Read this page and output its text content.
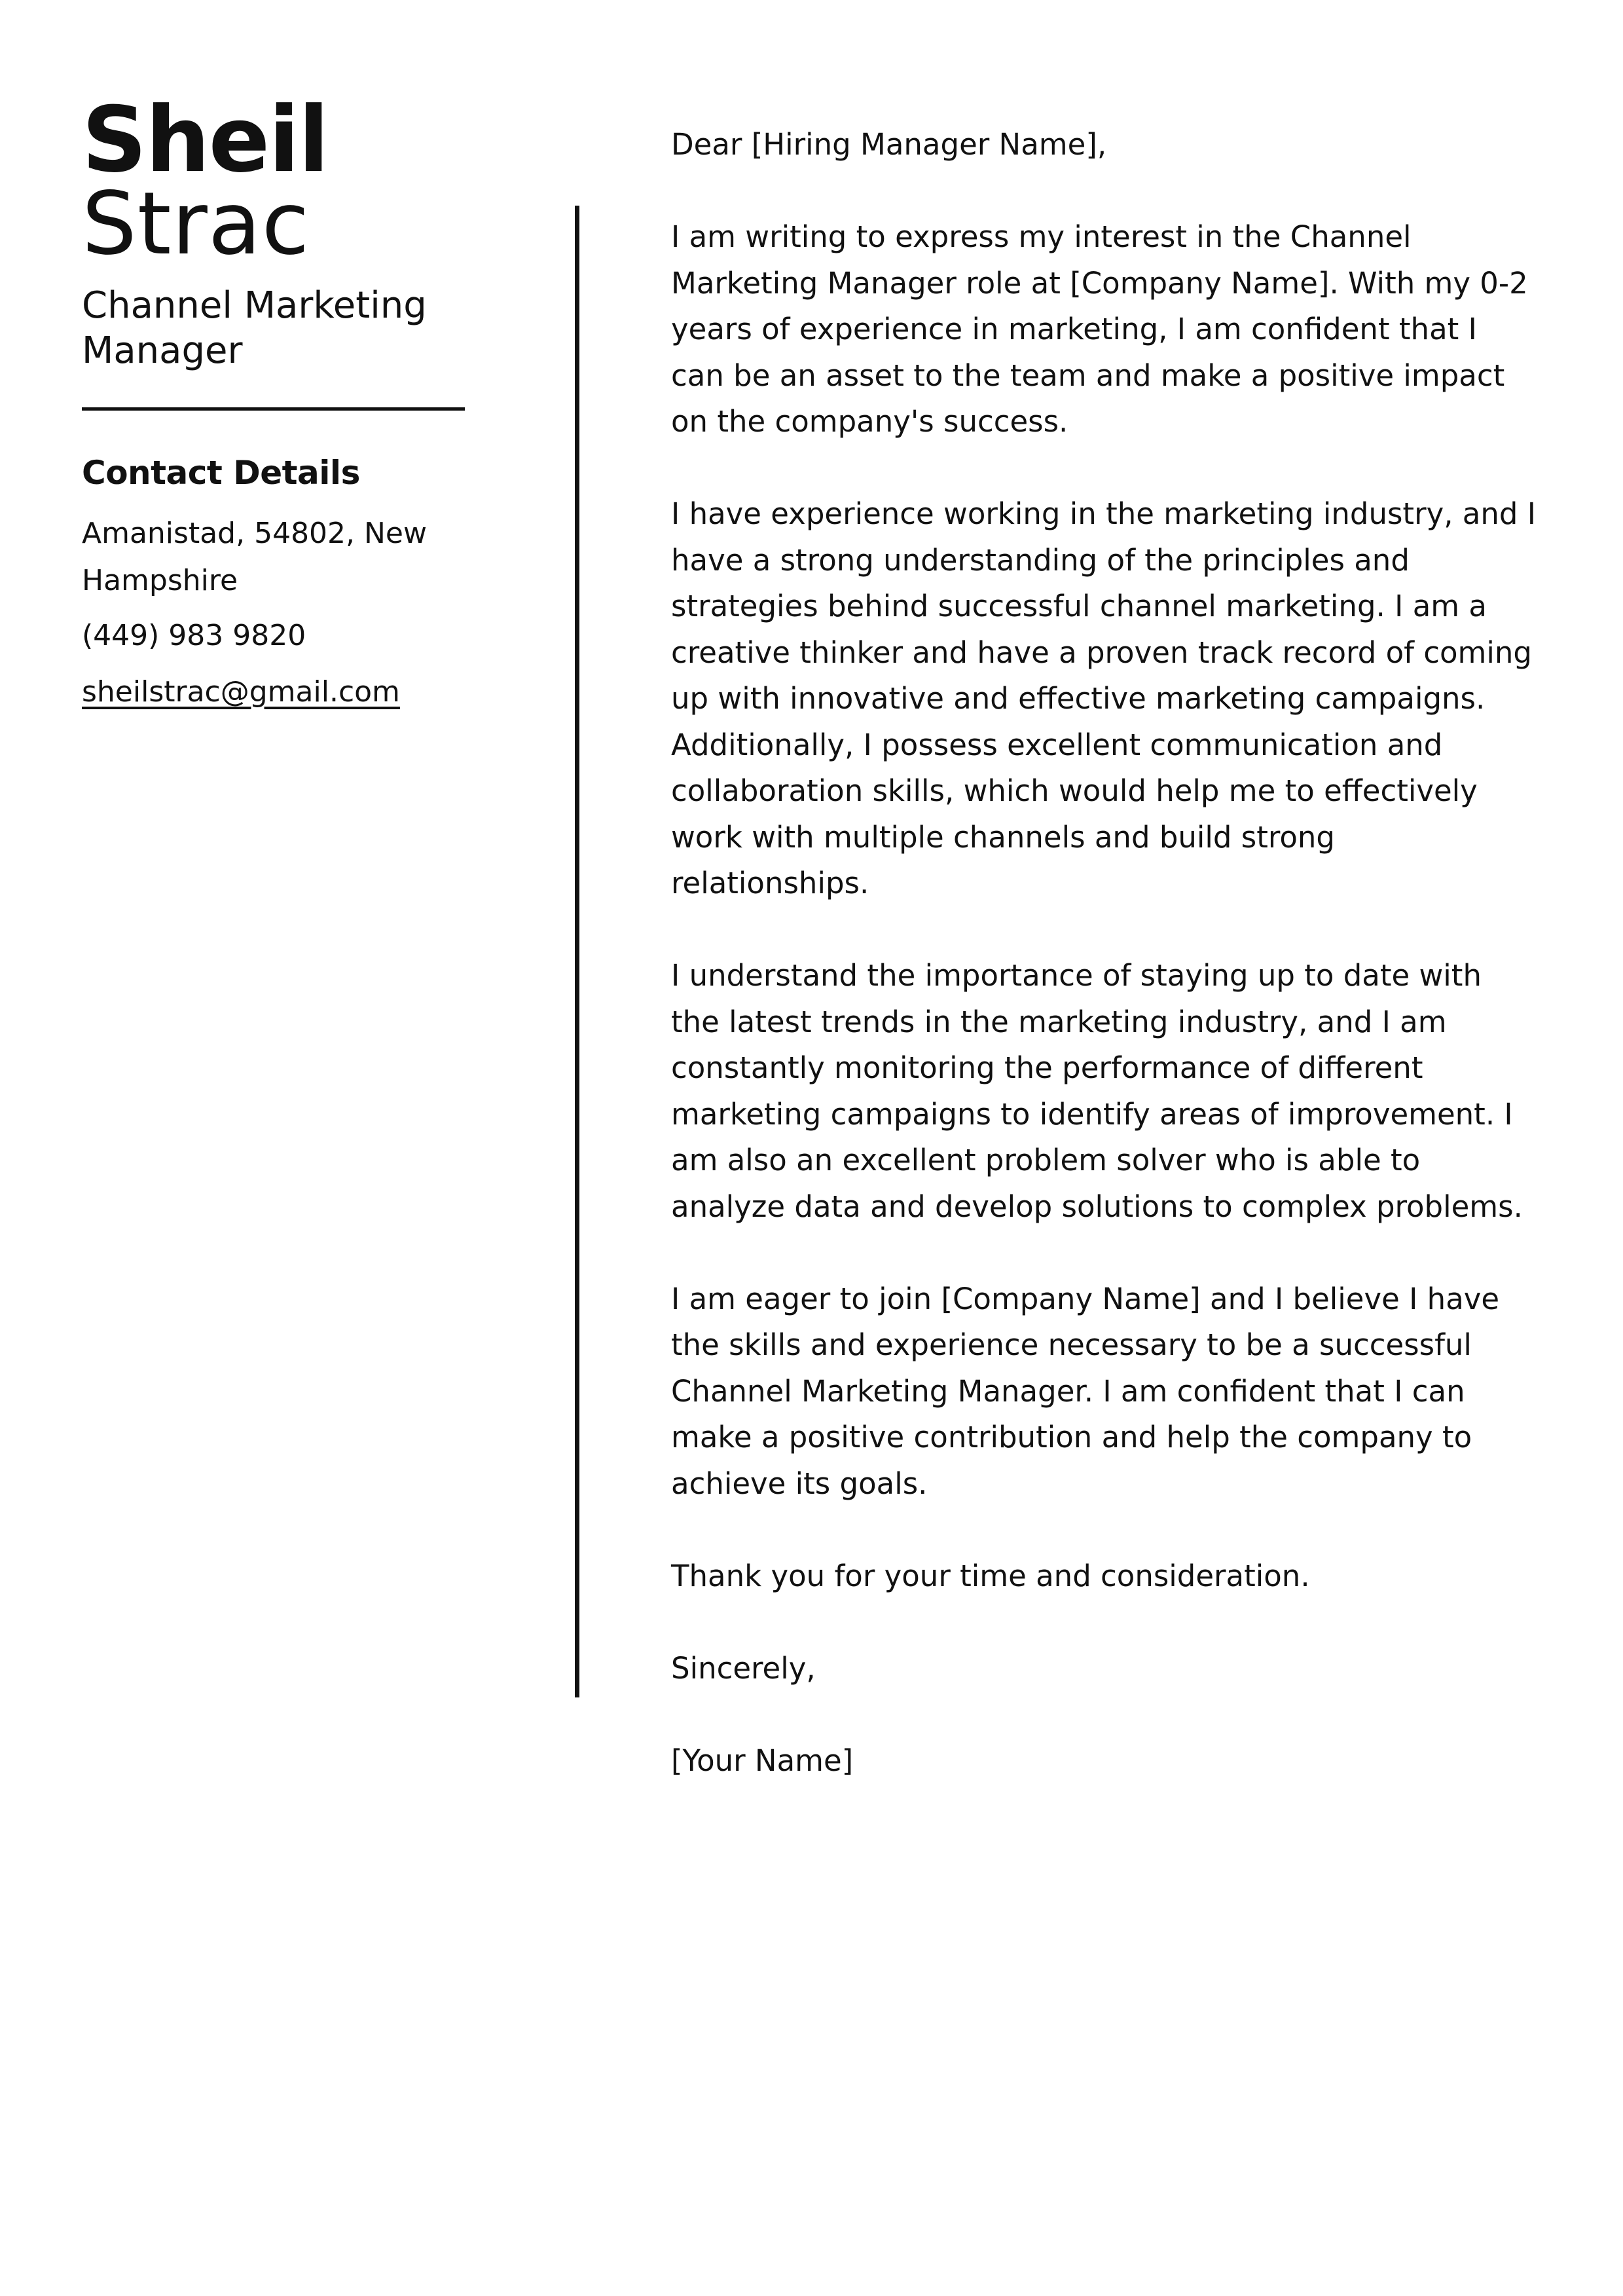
Sheil
Strac
Channel Marketing Manager
Contact Details
Amanistad, 54802, New Hampshire
(449) 983 9820
sheilstrac@gmail.com

Dear [Hiring Manager Name],

I am writing to express my interest in the Channel Marketing Manager role at [Company Name]. With my 0-2 years of experience in marketing, I am confident that I can be an asset to the team and make a positive impact on the company's success.

I have experience working in the marketing industry, and I have a strong understanding of the principles and strategies behind successful channel marketing. I am a creative thinker and have a proven track record of coming up with innovative and effective marketing campaigns. Additionally, I possess excellent communication and collaboration skills, which would help me to effectively work with multiple channels and build strong relationships.

I understand the importance of staying up to date with the latest trends in the marketing industry, and I am constantly monitoring the performance of different marketing campaigns to identify areas of improvement. I am also an excellent problem solver who is able to analyze data and develop solutions to complex problems.

I am eager to join [Company Name] and I believe I have the skills and experience necessary to be a successful Channel Marketing Manager. I am confident that I can make a positive contribution and help the company to achieve its goals.

Thank you for your time and consideration.

Sincerely,

[Your Name]
